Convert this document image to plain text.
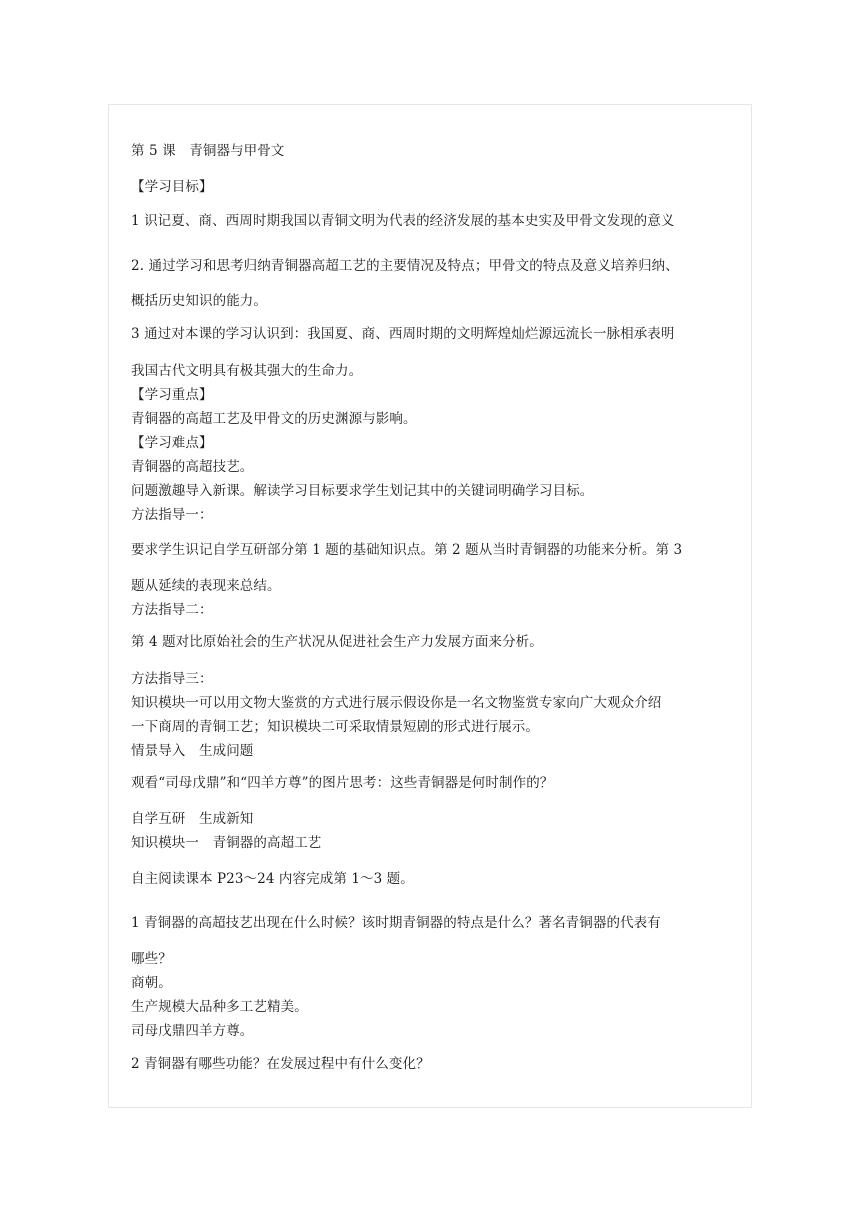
第 5 课　青铜器与甲骨文
【学习目标】
1 识记夏、商、西周时期我国以青铜文明为代表的经济发展的基本史实及甲骨文发现的意义
2. 通过学习和思考归纳青铜器高超工艺的主要情况及特点；甲骨文的特点及意义培养归纳、
概括历史知识的能力。
3 通过对本课的学习认识到：我国夏、商、西周时期的文明辉煌灿烂源远流长一脉相承表明
我国古代文明具有极其强大的生命力。
【学习重点】
青铜器的高超工艺及甲骨文的历史渊源与影响。
【学习难点】
青铜器的高超技艺。
问题激趣导入新课。解读学习目标要求学生划记其中的关键词明确学习目标。
方法指导一：
要求学生识记自学互研部分第 1 题的基础知识点。第 2 题从当时青铜器的功能来分析。第 3
题从延续的表现来总结。
方法指导二：
第 4 题对比原始社会的生产状况从促进社会生产力发展方面来分析。
方法指导三：
知识模块一可以用文物大鉴赏的方式进行展示假设你是一名文物鉴赏专家向广大观众介绍
一下商周的青铜工艺；知识模块二可采取情景短剧的形式进行展示。
情景导入　生成问题
观看“司母戊鼎”和“四羊方尊”的图片思考：这些青铜器是何时制作的？
自学互研　生成新知
知识模块一　青铜器的高超工艺
自主阅读课本 P23～24 内容完成第 1～3 题。
1 青铜器的高超技艺出现在什么时候？该时期青铜器的特点是什么？著名青铜器的代表有
哪些？
商朝。
生产规模大品种多工艺精美。
司母戊鼎四羊方尊。
2 青铜器有哪些功能？在发展过程中有什么变化？
